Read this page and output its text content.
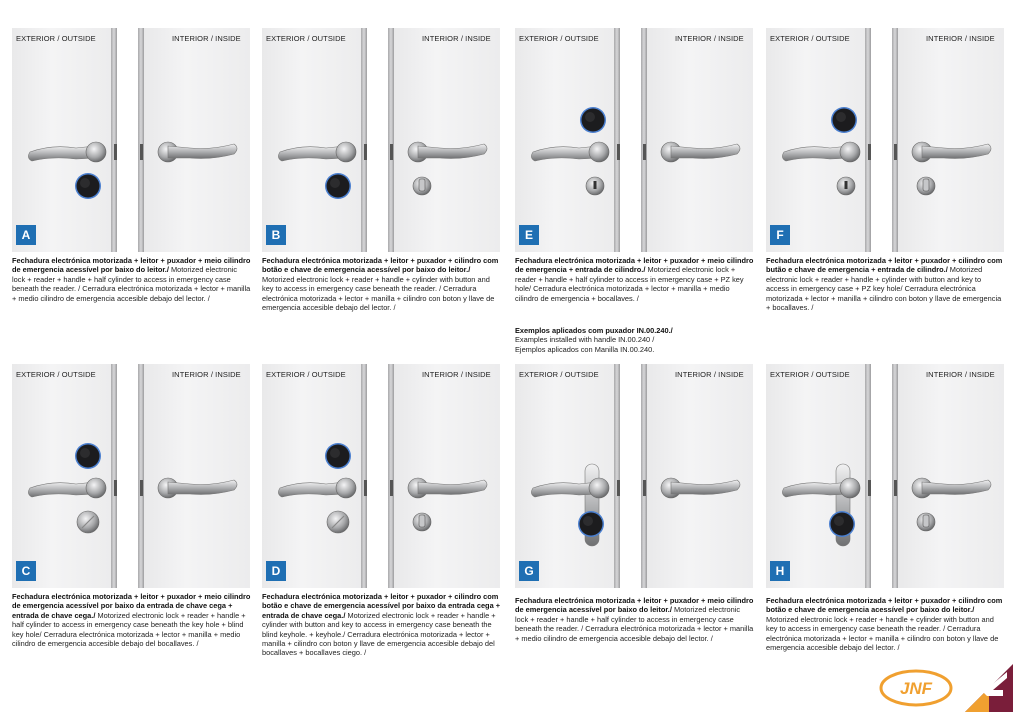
EXTERIOR / OUTSIDE	INTERIOR / INSIDE
A
Fechadura electrónica motorizada + leitor + puxador + meio cilindro de emergencia acessível por baixo do leitor./ Motorized electronic lock + reader + handle + half cylinder to access in emergency case beneath the reader. / Cerradura electrónica motorizada + lector + manilla + medio cilindro de emergencia accesible debajo del lector. /
EXTERIOR / OUTSIDE	INTERIOR / INSIDE
B
Fechadura electrónica motorizada + leitor + puxador + cilindro com botão e chave de emergencia acessível por baixo do leitor./ Motorized electronic lock + reader + handle + cylinder with button and key to access in emergency case beneath the reader. / Cerradura electrónica motorizada + lector + manilla + cilindro con boton y llave de emergencia accesible debajo del lector. /
EXTERIOR / OUTSIDE	INTERIOR / INSIDE
E
Fechadura electrónica motorizada + leitor + puxador + meio cilindro de emergencia + entrada de cilindro./ Motorized electronic lock + reader + handle + half cylinder to access in emergency case + PZ key hole/ Cerradura electrónica motorizada + lector + manilla + medio cilindro de emergencia + bocallaves. /
Exemplos aplicados com puxador IN.00.240./
Examples installed with handle IN.00.240 /
Ejemplos aplicados con Manilla IN.00.240.
EXTERIOR / OUTSIDE	INTERIOR / INSIDE
F
Fechadura electrónica motorizada + leitor + puxador + cilindro com butão e chave de emergencia + entrada de cilindro./ Motorized electronic lock + reader + handle + cylinder with button and key to access in emergency case + PZ key hole/ Cerradura electrónica motorizada + lector + manilla + cilindro con boton y llave de emergencia + bocallaves. /
EXTERIOR / OUTSIDE	INTERIOR / INSIDE
C
Fechadura electrónica motorizada + leitor + puxador + meio cilindro de emergencia acessível por baixo da entrada de chave cega + entrada de chave cega./ Motorized electronic lock + reader + handle + half cylinder to access in emergency case beneath the key hole + blind key hole/ Cerradura electrónica motorizada + lector + manilla + medio cilindro de emergencia accesible debajo del bocallaves. /
EXTERIOR / OUTSIDE	INTERIOR / INSIDE
D
Fechadura electrónica motorizada + leitor + puxador + cilindro com botão e chave de emergencia acessível por baixo da entrada cega + entrada de chave cega./ Motorized electronic lock + reader + handle + cylinder with button and key to access in emergency case beneath the blind keyhole. + keyhole./ Cerradura electrónica motorizada + lector + manilla + cilindro con boton y llave de emergencia accesible debajo del bocallaves + bocallaves ciego. /
EXTERIOR / OUTSIDE	INTERIOR / INSIDE
G
Fechadura electrónica motorizada + leitor + puxador + meio cilindro de emergencia acessível por baixo do leitor./ Motorized electronic lock + reader + handle + half cylinder to access in emergency case beneath the reader. / Cerradura electrónica motorizada + lector + manilla + medio cilindro de emergencia accesible debajo del lector. /
EXTERIOR / OUTSIDE	INTERIOR / INSIDE
H
Fechadura electrónica motorizada + leitor + puxador + cilindro com botão e chave de emergencia acessível por baixo do leitor./ Motorized electronic lock + reader + handle + cylinder with button and key to access in emergency case beneath the reader. / Cerradura electrónica motorizada + lector + manilla + cilindro con boton y llave de emergencia accesible debajo del lector. /
JNF
